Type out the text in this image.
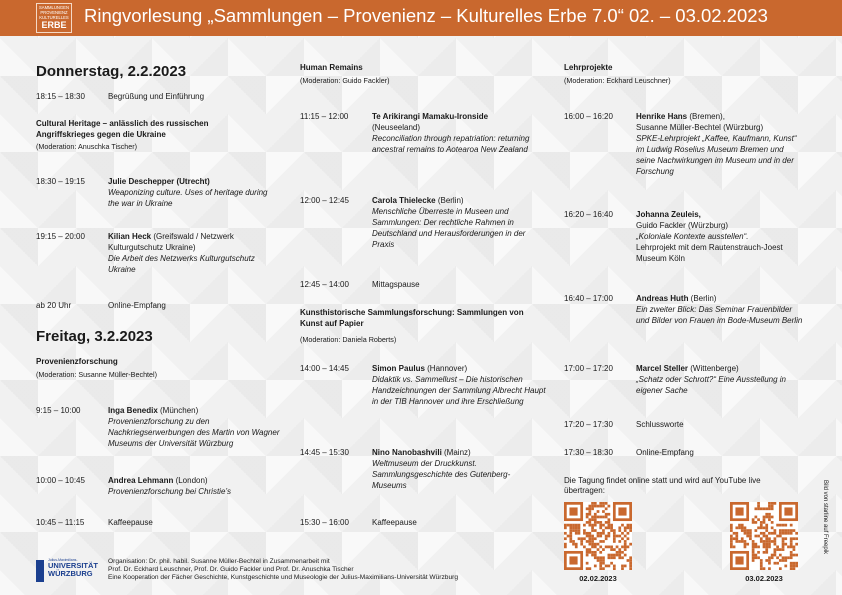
SAMMLUNGEN
PROVENIENZ
KULTURELLES
ERBE Ringvorlesung „Sammlungen – Provenienz – Kulturelles Erbe 7.0“ 02. – 03.02.2023
Donnerstag, 2.2.2023
18:15 – 18:30	Begrüßung und Einführung
Cultural Heritage – anlässlich des russischen Angriffskrieges gegen die Ukraine
(Moderation: Anuschka Tischer)
18:30 – 19:15	Julie Deschepper (Utrecht)
Weaponizing culture. Uses of heritage during the war in Ukraine
19:15 – 20:00	Kilian Heck (Greifswald / Netzwerk Kulturgutschutz Ukraine)
Die Arbeit des Netzwerks Kulturgutschutz Ukraine
ab 20 Uhr	Online-Empfang
Freitag, 3.2.2023
Provenienzforschung
(Moderation: Susanne Müller-Bechtel)
9:15 – 10:00	Inga Benedix (München)
Provenienzforschung zu den Nachkriegserwerbungen des Martin von Wagner Museums der Universität Würzburg
10:00 – 10:45	Andrea Lehmann (London)
Provenienzforschung bei Christie’s
10:45 – 11:15	Kaffeepause
Human Remains
(Moderation: Guido Fackler)
11:15 – 12:00	Te Arikirangi Mamaku-Ironside
(Neuseeland)
Reconciliation through repatriation: returning ancestral remains to Aotearoa New Zealand
12:00 – 12:45	Carola Thielecke (Berlin)
Menschliche Überreste in Museen und Sammlungen: Der rechtliche Rahmen in Deutschland und Herausforderungen in der Praxis
12:45 – 14:00	Mittagspause
Kunsthistorische Sammlungsforschung: Sammlungen von Kunst auf Papier
(Moderation: Daniela Roberts)
14:00 – 14:45	Simon Paulus (Hannover)
Didaktik vs. Sammellust – Die historischen Handzeichnungen der Sammlung Albrecht Haupt in der TIB Hannover und ihre Erschließung
14:45 – 15:30	Nino Nanobashvili (Mainz)
Weltmuseum der Druckkunst. Sammlungsgeschichte des Gutenberg-Museums
15:30 – 16:00	Kaffeepause
Lehrprojekte
(Moderation: Eckhard Leuschner)
16:00 – 16:20	Henrike Hans (Bremen),
Susanne Müller-Bechtel (Würzburg)
SPKE-Lehrprojekt „Kaffee, Kaufmann, Kunst“ im Ludwig Roselius Museum Bremen und seine Nachwirkungen im Museum und in der Forschung
16:20 – 16:40	Johanna Zeuleis,
Guido Fackler (Würzburg)
„Koloniale Kontexte ausstellen“.
Lehrprojekt mit dem Rautenstrauch-Joest Museum Köln
16:40 – 17:00	Andreas Huth (Berlin)
Ein zweiter Blick: Das Seminar Frauenbilder und Bilder von Frauen im Bode-Museum Berlin
17:00 – 17:20	Marcel Steller (Wittenberge)
„Schatz oder Schrott?“ Eine Ausstellung in eigener Sache
17:20 – 17:30	Schlussworte
17:30 – 18:30	Online-Empfang
Die Tagung findet online statt und wird auf YouTube live übertragen:
02.02.2023	03.02.2023
Bild von starline auf Freepik
Julius-Maximilians-
UNIVERSITÄT
WÜRZBURG
Organisation: Dr. phil. habil. Susanne Müller-Bechtel in Zusammenarbeit mit
Prof. Dr. Eckhard Leuschner, Prof. Dr. Guido Fackler und Prof. Dr. Anuschka Tischer
Eine Kooperation der Fächer Geschichte, Kunstgeschichte und Museologie der Julius-Maximilians-Universität Würzburg
